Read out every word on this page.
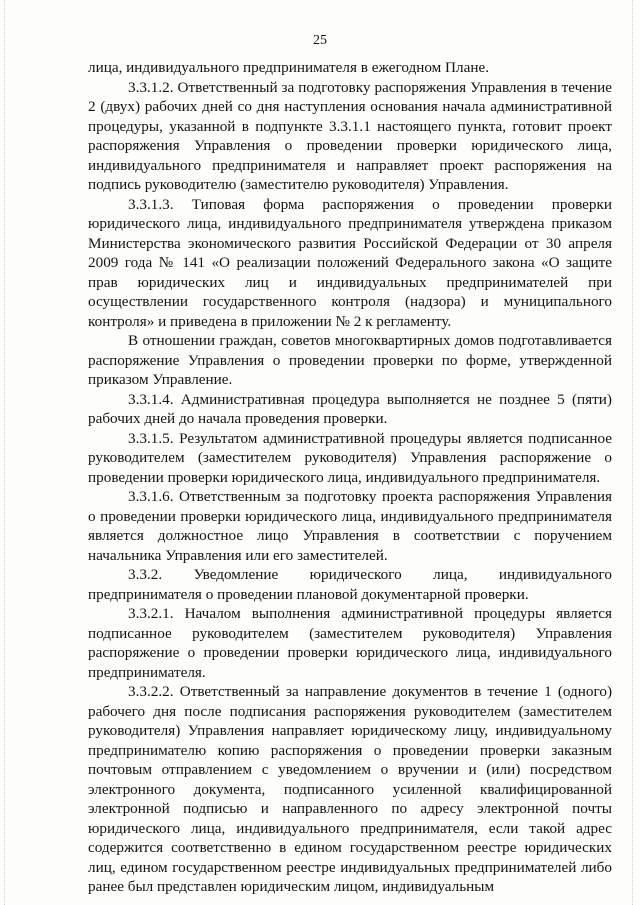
25

лица, индивидуального предпринимателя в ежегодном Плане.

3.3.1.2. Ответственный за подготовку распоряжения Управления в течение 2 (двух) рабочих дней со дня наступления основания начала административной процедуры, указанной в подпункте 3.3.1.1 настоящего пункта, готовит проект распоряжения Управления о проведении проверки юридического лица, индивидуального предпринимателя и направляет проект распоряжения на подпись руководителю (заместителю руководителя) Управления.

3.3.1.3. Типовая форма распоряжения о проведении проверки юридического лица, индивидуального предпринимателя утверждена приказом Министерства экономического развития Российской Федерации от 30 апреля 2009 года № 141 «О реализации положений Федерального закона «О защите прав юридических лиц и индивидуальных предпринимателей при осуществлении государственного контроля (надзора) и муниципального контроля» и приведена в приложении № 2 к регламенту.

В отношении граждан, советов многоквартирных домов подготавливается распоряжение Управления о проведении проверки по форме, утвержденной приказом Управление.

3.3.1.4. Административная процедура выполняется не позднее 5 (пяти) рабочих дней до начала проведения проверки.

3.3.1.5. Результатом административной процедуры является подписанное руководителем (заместителем руководителя) Управления распоряжение о проведении проверки юридического лица, индивидуального предпринимателя.

3.3.1.6. Ответственным за подготовку проекта распоряжения Управления о проведении проверки юридического лица, индивидуального предпринимателя является должностное лицо Управления в соответствии с поручением начальника Управления или его заместителей.

3.3.2. Уведомление юридического лица, индивидуального предпринимателя о проведении плановой документарной проверки.

3.3.2.1. Началом выполнения административной процедуры является подписанное руководителем (заместителем руководителя) Управления распоряжение о проведении проверки юридического лица, индивидуального предпринимателя.

3.3.2.2. Ответственный за направление документов в течение 1 (одного) рабочего дня после подписания распоряжения руководителем (заместителем руководителя) Управления направляет юридическому лицу, индивидуальному предпринимателю копию распоряжения о проведении проверки заказным почтовым отправлением с уведомлением о вручении и (или) посредством электронного документа, подписанного усиленной квалифицированной электронной подписью и направленного по адресу электронной почты юридического лица, индивидуального предпринимателя, если такой адрес содержится соответственно в едином государственном реестре юридических лиц, едином государственном реестре индивидуальных предпринимателей либо ранее был представлен юридическим лицом, индивидуальным
